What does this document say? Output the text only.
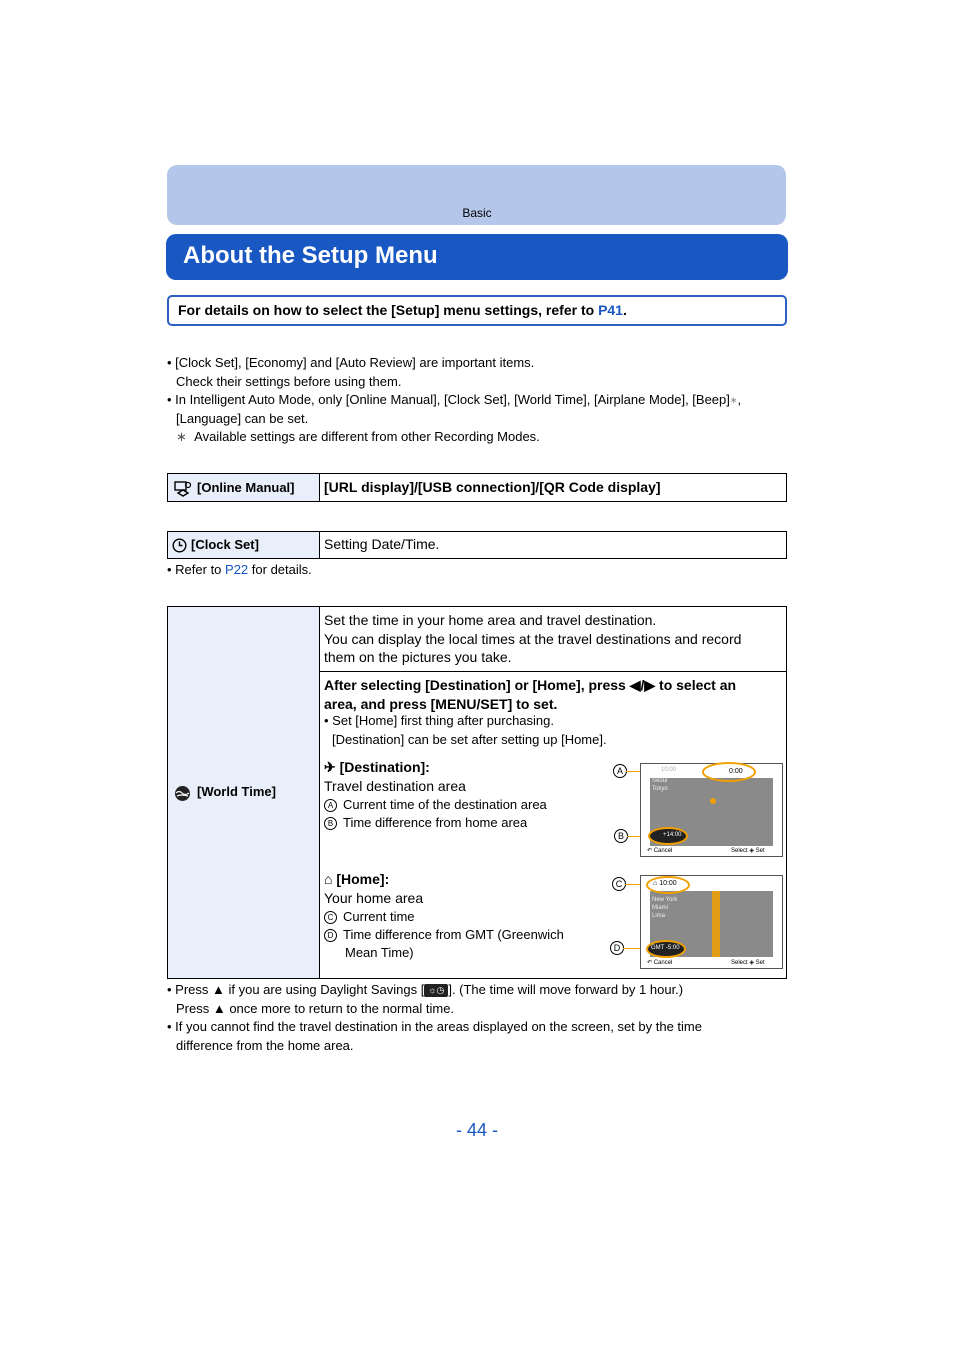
Basic
About the Setup Menu
For details on how to select the [Setup] menu settings, refer to P41.
• [Clock Set], [Economy] and [Auto Review] are important items.
Check their settings before using them.
• In Intelligent Auto Mode, only [Online Manual], [Clock Set], [World Time], [Airplane Mode], [Beep]∗,
[Language] can be set.
∗ Available settings are different from other Recording Modes.
[Online Manual] [URL display]/[USB connection]/[QR Code display]
[Clock Set]	Setting Date/Time.
• Refer to P22 for details.
[World Time]
Set the time in your home area and travel destination.
You can display the local times at the travel destinations and record
them on the pictures you take.
After selecting [Destination] or [Home], press ◀/▶ to select an
area, and press [MENU/SET] to set.
• Set [Home] first thing after purchasing.
[Destination] can be set after setting up [Home].
✈ [Destination]:
Travel destination area
A Current time of the destination area
B Time difference from home area
⌂ [Home]:
Your home area
C Current time
D Time difference from GMT (Greenwich
Mean Time)
A
B
Seoul
Tokyo
10:00	0:00
+14:00
↶ Cancel	Select ◈ Set
C
D
New York
Miami
Lima
⌂ 10:00
GMT -5:00
↶ Cancel	Select ◈ Set
• Press ▲ if you are using Daylight Savings [ ☼◷ ]. (The time will move forward by 1 hour.)
Press ▲ once more to return to the normal time.
• If you cannot find the travel destination in the areas displayed on the screen, set by the time
difference from the home area.
- 44 -
